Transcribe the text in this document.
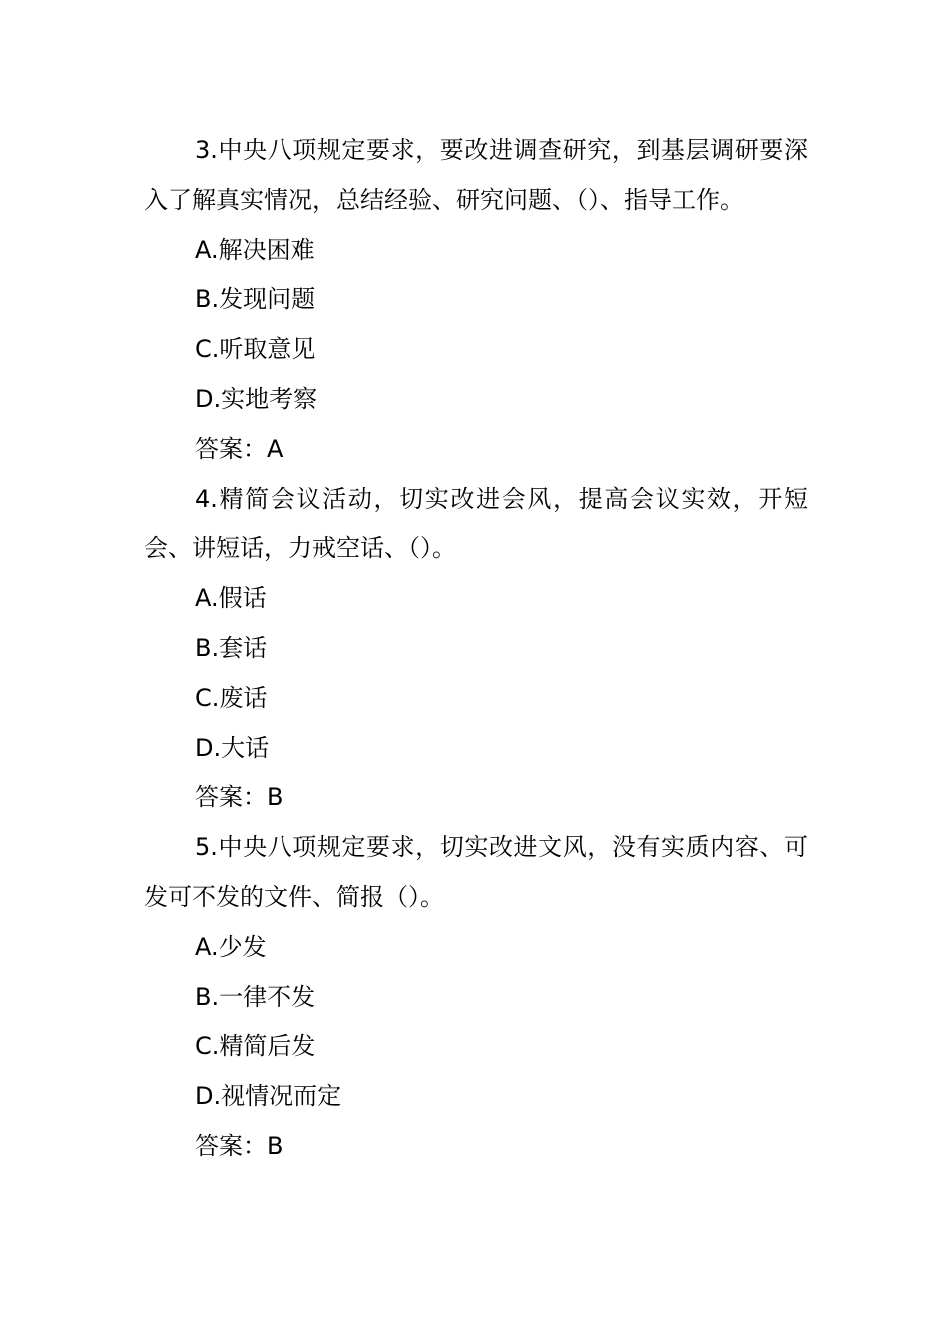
3.中央八项规定要求，要改进调查研究，到基层调研要深入了解真实情况，总结经验、研究问题、（）、指导工作。

A.解决困难

B.发现问题

C.听取意见

D.实地考察

答案：A

4.精简会议活动，切实改进会风，提高会议实效，开短会、讲短话，力戒空话、（）。

A.假话

B.套话

C.废话

D.大话

答案：B

5.中央八项规定要求，切实改进文风，没有实质内容、可发可不发的文件、简报（）。

A.少发

B.一律不发

C.精简后发

D.视情况而定

答案：B
